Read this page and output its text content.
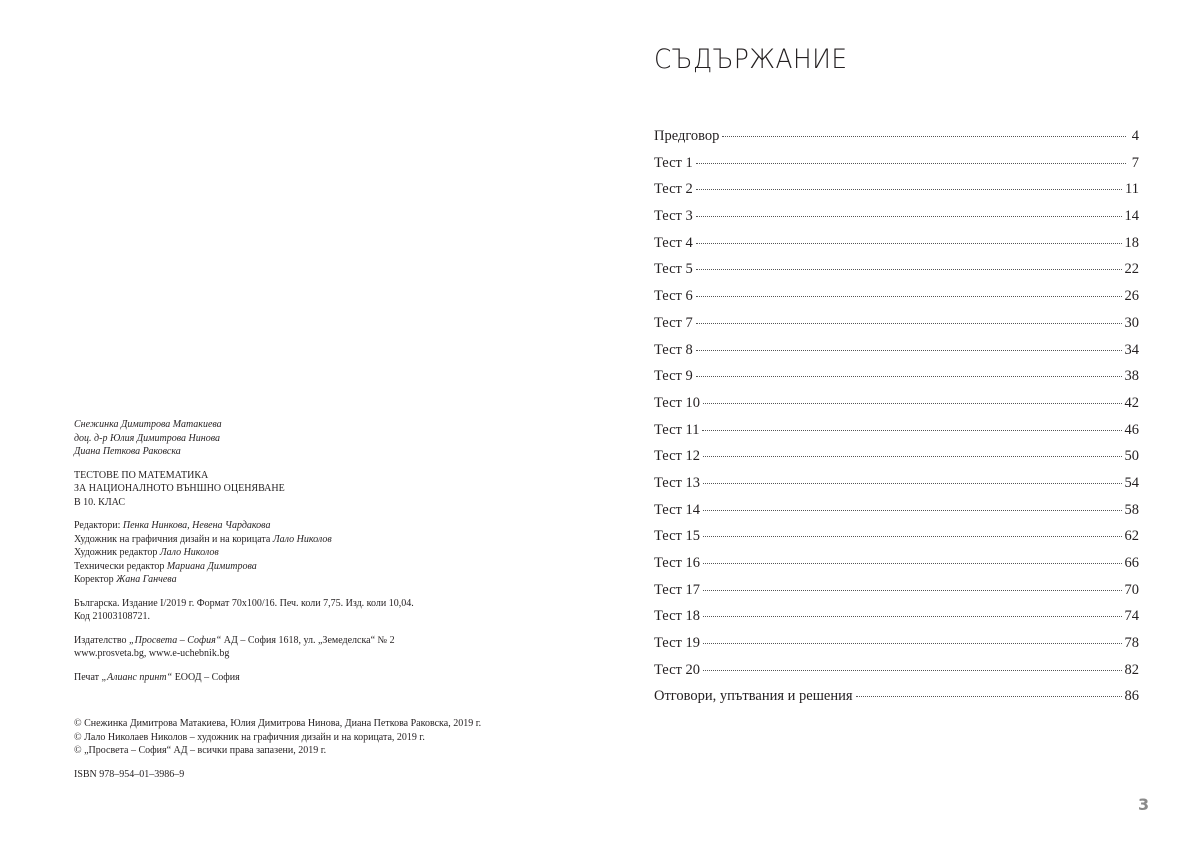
Снежинка Димитрова Матакиева
доц. д-р Юлия Димитрова Нинова
Диана Петкова Раковска
ТЕСТОВЕ ПО МАТЕМАТИКА
ЗА НАЦИОНАЛНОТО ВЪНШНО ОЦЕНЯВАНЕ
В 10. КЛАС
Редактори: Пенка Нинкова, Невена Чардакова
Художник на графичния дизайн и на корицата Лало Николов
Художник редактор Лало Николов
Технически редактор Мариана Димитрова
Коректор Жана Ганчева
Българска. Издание I/2019 г. Формат 70x100/16. Печ. коли 7,75. Изд. коли 10,04.
Код 21003108721.
Издателство „Просвета – София“ АД – София 1618, ул. „Земеделска“ № 2
www.prosveta.bg, www.e-uchebnik.bg
Печат „Алианс принт“ ЕООД – София
© Снежинка Димитрова Матакиева, Юлия Димитрова Нинова, Диана Петкова Раковска, 2019 г.
© Лало Николаев Николов – художник на графичния дизайн и на корицата, 2019 г.
© „Просвета – София“ АД – всички права запазени, 2019 г.
ISBN 978–954–01–3986–9
СЪДЪРЖАНИЕ
Предговор	4
Тест 1	7
Тест 2	11
Тест 3	14
Тест 4	18
Тест 5	22
Тест 6	26
Тест 7	30
Тест 8	34
Тест 9	38
Тест 10	42
Тест 11	46
Тест 12	50
Тест 13	54
Тест 14	58
Тест 15	62
Тест 16	66
Тест 17	70
Тест 18	74
Тест 19	78
Тест 20	82
Отговори, упътвания и решения	86
3
